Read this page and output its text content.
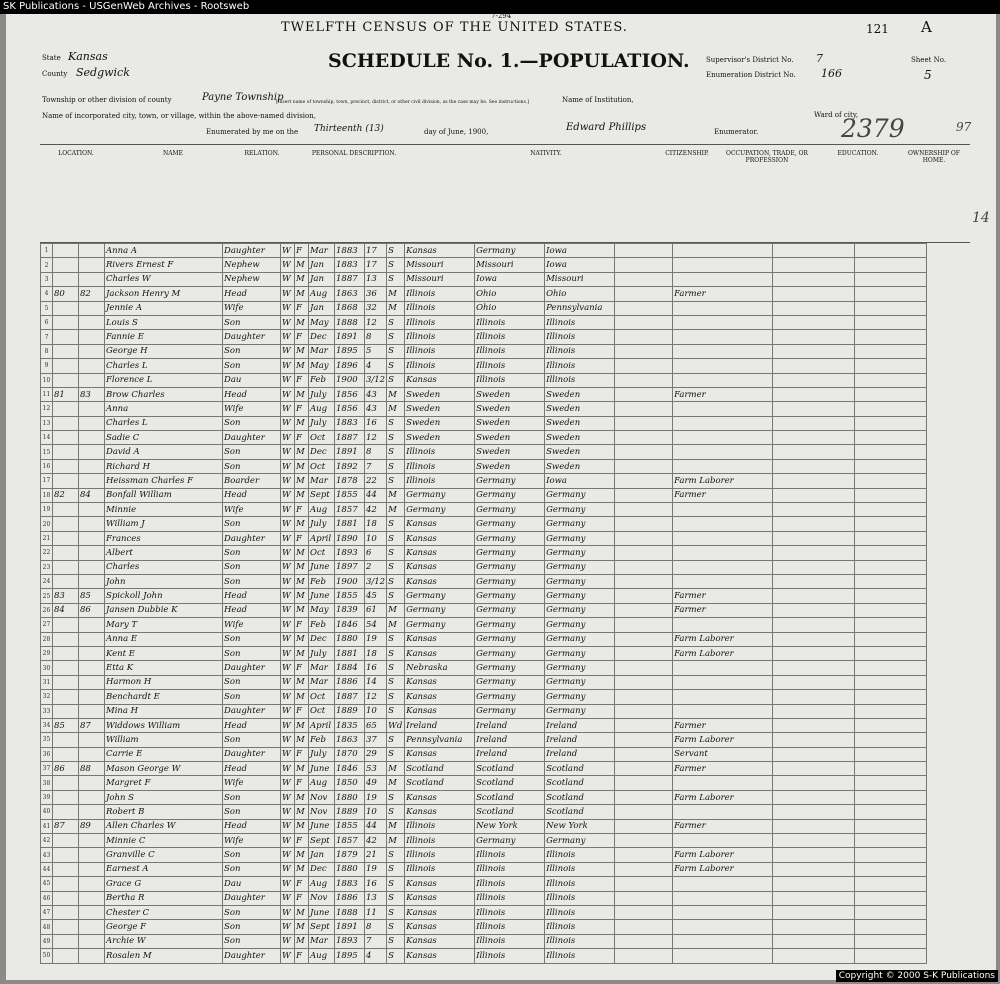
SK Publications - USGenWeb Archives - Rootsweb
7-294
TWELFTH CENSUS OF THE UNITED STATES.	121 A
SCHEDULE No. 1.—POPULATION.
State Kansas
County Sedgwick
Supervisor's District No. 7
Enumeration District No. 166
Sheet No.
5
Township or other division of county	Payne Township
[Insert name of township, town, precinct, district, or other civil division, as the case may be. See instructions.]	Name of Institution,
Name of incorporated city, town, or village, within the above-named division,	Ward of city,
Enumerated by me on the Thirteenth (13)	day of June, 1900,	Edward Phillips	Enumerator.	2379	97
14
LOCATION.	NAME	RELATION.	PERSONAL DESCRIPTION.	NATIVITY.	CITIZENSHIP.	OCCUPATION, TRADE, OR PROFESSION
EDUCATION.	OWNERSHIP OF HOME.
1			Anna A	Daughter	W	F	Mar	1883	17	S	Kansas	Germany	Iowa				
2			Rivers Ernest F	Nephew	W	M	Jan	1883	17	S	Missouri	Missouri	Iowa				
3			Charles W	Nephew	W	M	Jan	1887	13	S	Missouri	Iowa	Missouri				
4	80	82	Jackson Henry M	Head	W	M	Aug	1863	36	M	Illinois	Ohio	Ohio		Farmer		
5			Jennie A	Wife	W	F	Jan	1868	32	M	Illinois	Ohio	Pennsylvania				
6			Louis S	Son	W	M	May	1888	12	S	Illinois	Illinois	Illinois				
7			Fannie E	Daughter	W	F	Dec	1891	8	S	Illinois	Illinois	Illinois				
8			George H	Son	W	M	Mar	1895	5	S	Illinois	Illinois	Illinois				
9			Charles L	Son	W	M	May	1896	4	S	Illinois	Illinois	Illinois				
10			Florence L	Dau	W	F	Feb	1900	3/12	S	Kansas	Illinois	Illinois				
11	81	83	Brow Charles	Head	W	M	July	1856	43	M	Sweden	Sweden	Sweden		Farmer		
12			Anna	Wife	W	F	Aug	1856	43	M	Sweden	Sweden	Sweden				
13			Charles L	Son	W	M	July	1883	16	S	Sweden	Sweden	Sweden				
14			Sadie C	Daughter	W	F	Oct	1887	12	S	Sweden	Sweden	Sweden				
15			David A	Son	W	M	Dec	1891	8	S	Illinois	Sweden	Sweden				
16			Richard H	Son	W	M	Oct	1892	7	S	Illinois	Sweden	Sweden				
17			Heissman Charles F	Boarder	W	M	Mar	1878	22	S	Illinois	Germany	Iowa		Farm Laborer		
18	82	84	Bonfall William	Head	W	M	Sept	1855	44	M	Germany	Germany	Germany		Farmer		
19			Minnie	Wife	W	F	Aug	1857	42	M	Germany	Germany	Germany				
20			William J	Son	W	M	July	1881	18	S	Kansas	Germany	Germany				
21			Frances	Daughter	W	F	April	1890	10	S	Kansas	Germany	Germany				
22			Albert	Son	W	M	Oct	1893	6	S	Kansas	Germany	Germany				
23			Charles	Son	W	M	June	1897	2	S	Kansas	Germany	Germany				
24			John	Son	W	M	Feb	1900	3/12	S	Kansas	Germany	Germany				
25	83	85	Spickoll John	Head	W	M	June	1855	45	S	Germany	Germany	Germany		Farmer		
26	84	86	Jansen Dubbie K	Head	W	M	May	1839	61	M	Germany	Germany	Germany		Farmer		
27			Mary T	Wife	W	F	Feb	1846	54	M	Germany	Germany	Germany				
28			Anna E	Son	W	M	Dec	1880	19	S	Kansas	Germany	Germany		Farm Laborer		
29			Kent E	Son	W	M	July	1881	18	S	Kansas	Germany	Germany		Farm Laborer		
30			Etta K	Daughter	W	F	Mar	1884	16	S	Nebraska	Germany	Germany				
31			Harmon H	Son	W	M	Mar	1886	14	S	Kansas	Germany	Germany				
32			Benchardt E	Son	W	M	Oct	1887	12	S	Kansas	Germany	Germany				
33			Mina H	Daughter	W	F	Oct	1889	10	S	Kansas	Germany	Germany				
34	85	87	Widdows William	Head	W	M	April	1835	65	Wd	Ireland	Ireland	Ireland		Farmer		
35			William	Son	W	M	Feb	1863	37	S	Pennsylvania	Ireland	Ireland		Farm Laborer		
36			Carrie E	Daughter	W	F	July	1870	29	S	Kansas	Ireland	Ireland		Servant		
37	86	88	Mason George W	Head	W	M	June	1846	53	M	Scotland	Scotland	Scotland		Farmer		
38			Margret F	Wife	W	F	Aug	1850	49	M	Scotland	Scotland	Scotland				
39			John S	Son	W	M	Nov	1880	19	S	Kansas	Scotland	Scotland		Farm Laborer		
40			Robert B	Son	W	M	Nov	1889	10	S	Kansas	Scotland	Scotland				
41	87	89	Allen Charles W	Head	W	M	June	1855	44	M	Illinois	New York	New York		Farmer		
42			Minnie C	Wife	W	F	Sept	1857	42	M	Illinois	Germany	Germany				
43			Granville C	Son	W	M	Jan	1879	21	S	Illinois	Illinois	Illinois		Farm Laborer		
44			Earnest A	Son	W	M	Dec	1880	19	S	Illinois	Illinois	Illinois		Farm Laborer		
45			Grace G	Dau	W	F	Aug	1883	16	S	Kansas	Illinois	Illinois				
46			Bertha R	Daughter	W	F	Nov	1886	13	S	Kansas	Illinois	Illinois				
47			Chester C	Son	W	M	June	1888	11	S	Kansas	Illinois	Illinois				
48			George F	Son	W	M	Sept	1891	8	S	Kansas	Illinois	Illinois				
49			Archie W	Son	W	M	Mar	1893	7	S	Kansas	Illinois	Illinois				
50			Rosalen M	Daughter	W	F	Aug	1895	4	S	Kansas	Illinois	Illinois				
Copyright © 2000 S-K Publications
